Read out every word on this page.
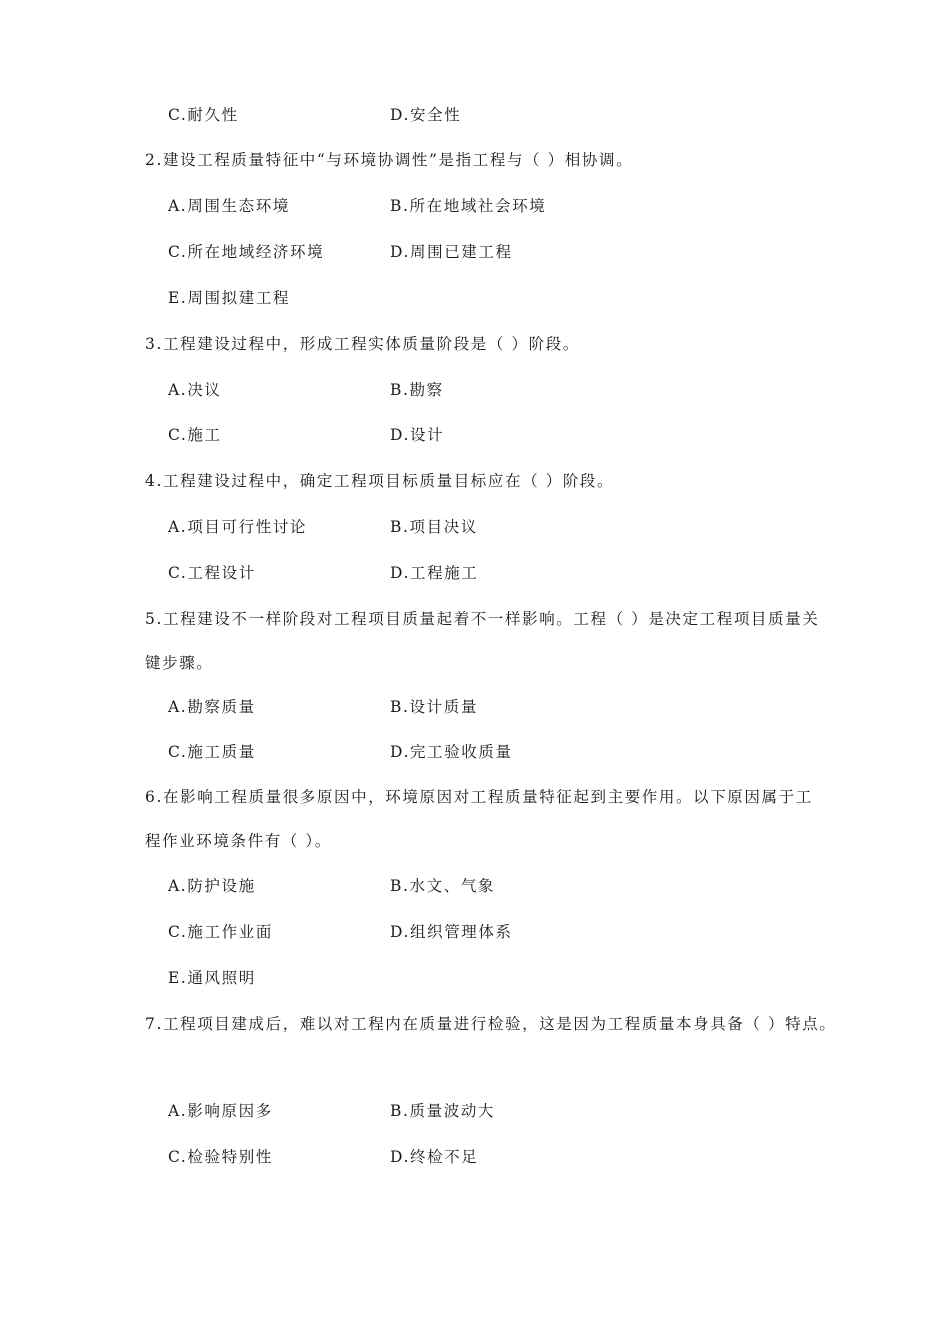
C.耐久性	D.安全性
2.建设工程质量特征中“与环境协调性”是指工程与（ ）相协调。
A.周围生态环境	B.所在地域社会环境
C.所在地域经济环境	D.周围已建工程
E.周围拟建工程
3.工程建设过程中，形成工程实体质量阶段是（ ）阶段。
A.决议	B.勘察
C.施工	D.设计
4.工程建设过程中，确定工程项目标质量目标应在（ ）阶段。
A.项目可行性讨论	B.项目决议
C.工程设计	D.工程施工
5.工程建设不一样阶段对工程项目质量起着不一样影响。工程（ ）是决定工程项目质量关
键步骤。
A.勘察质量	B.设计质量
C.施工质量	D.完工验收质量
6.在影响工程质量很多原因中，环境原因对工程质量特征起到主要作用。以下原因属于工
程作业环境条件有（ ）。
A.防护设施	B.水文、气象
C.施工作业面	D.组织管理体系
E.通风照明
7.工程项目建成后，难以对工程内在质量进行检验，这是因为工程质量本身具备（ ）特点。
A.影响原因多	B.质量波动大
C.检验特别性	D.终检不足
